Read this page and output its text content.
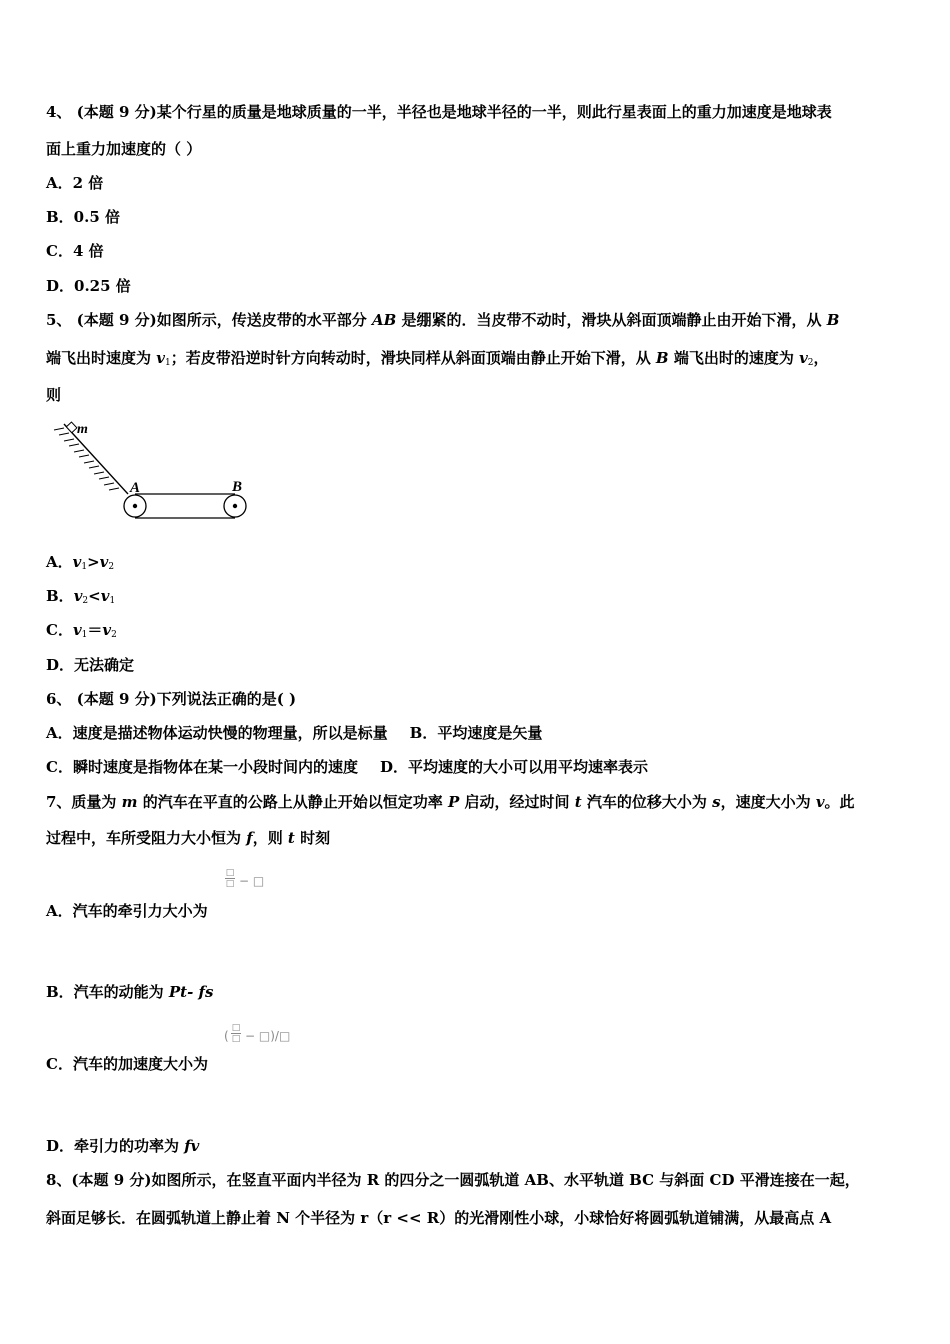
4、 (本题 9 分)某个行星的质量是地球质量的一半，半径也是地球半径的一半，则此行星表面上的重力加速度是地球表
面上重力加速度的（ ）
A．2 倍
B．0.5 倍
C．4 倍
D．0.25 倍
5、 (本题 9 分)如图所示，传送皮带的水平部分 AB 是绷紧的．当皮带不动时，滑块从斜面顶端静止由开始下滑，从 B
端飞出时速度为 $v_1$；若皮带沿逆时针方向转动时，滑块同样从斜面顶端由静止开始下滑，从 B 端飞出时的速度为 $v_2$，
则
m
A	B
A．$v_1>v_2$
B．$v_2<v_1$
C．$v_1=v_2$
D．无法确定
6、 (本题 9 分)下列说法正确的是( )
A．速度是描述物体运动快慢的物理量，所以是标量 B．平均速度是矢量
C．瞬时速度是指物体在某一小段时间内的速度 D．平均速度的大小可以用平均速率表示
7、质量为 m 的汽车在平直的公路上从静止开始以恒定功率 P 启动，经过时间 t 汽车的位移大小为 s，速度大小为 v。此
过程中，车所受阻力大小恒为 f，则 t 时刻
□
□ − □
A．汽车的牵引力大小为
B．汽车的动能为 Pt- fs
(
□
□ − □)/□
C．汽车的加速度大小为
D．牵引力的功率为 fv
8、(本题 9 分)如图所示，在竖直平面内半径为 R 的四分之一圆弧轨道 AB、水平轨道 BC 与斜面 CD 平滑连接在一起，
斜面足够长．在圆弧轨道上静止着 N 个半径为 r（r << R）的光滑刚性小球，小球恰好将圆弧轨道铺满，从最高点 A
